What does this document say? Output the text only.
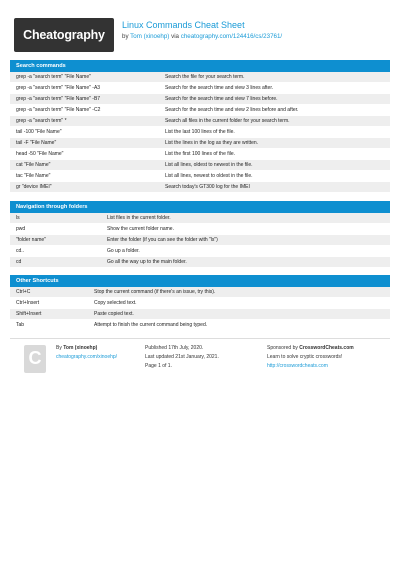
Cheatography
Linux Commands Cheat Sheet
by Tom (xinoehp) via cheatography.com/124416/cs/23761/
Search commands
grep -a "search term" "File Name"	Search the file for your search term.
grep -a "search term" "File Name" -A3	Search for the search time and view 3 lines after.
grep -a "search term" "File Name" -B7	Search for the search time and view 7 lines before.
grep -a "search term" "File Name" -C2	Search for the search time and view 2 lines before and after.
grep -a "search term" *	Search all files in the current folder for your search term.
tail -100 "File Name"	List the last 100 lines of the file.
tail -F "File Name"	List the lines in the log as they are written.
head -50 "File Name"	List the first 100 lines of the file.
cat "File Name"	List all lines, oldest to newest in the file.
tac "File Name"	List all lines, newest to oldest in the file.
gr "device IMEI"	Search today's GT300 log for the IMEI
Navigation through folders
ls	List files in the current folder.
pwd	Show the current folder name.
"folder name"	Enter the folder (if you can see the folder with "ls")
cd..	Go up a folder.
cd	Go all the way up to the main folder.
Other Shortcuts
Ctrl+C	Stop the current command (if there's an issue, try this).
Ctrl+Insert	Copy selected text.
Shift+Insert	Paste copied text.
Tab	Attempt to finish the current command being typed.
C	By Tom (xinoehp)
cheatography.com/xinoehp/
Published 17th July, 2020.
Last updated 21st January, 2021.
Page 1 of 1.
Sponsored by CrosswordCheats.com
Learn to solve cryptic crosswords!
http://crosswordcheats.com
